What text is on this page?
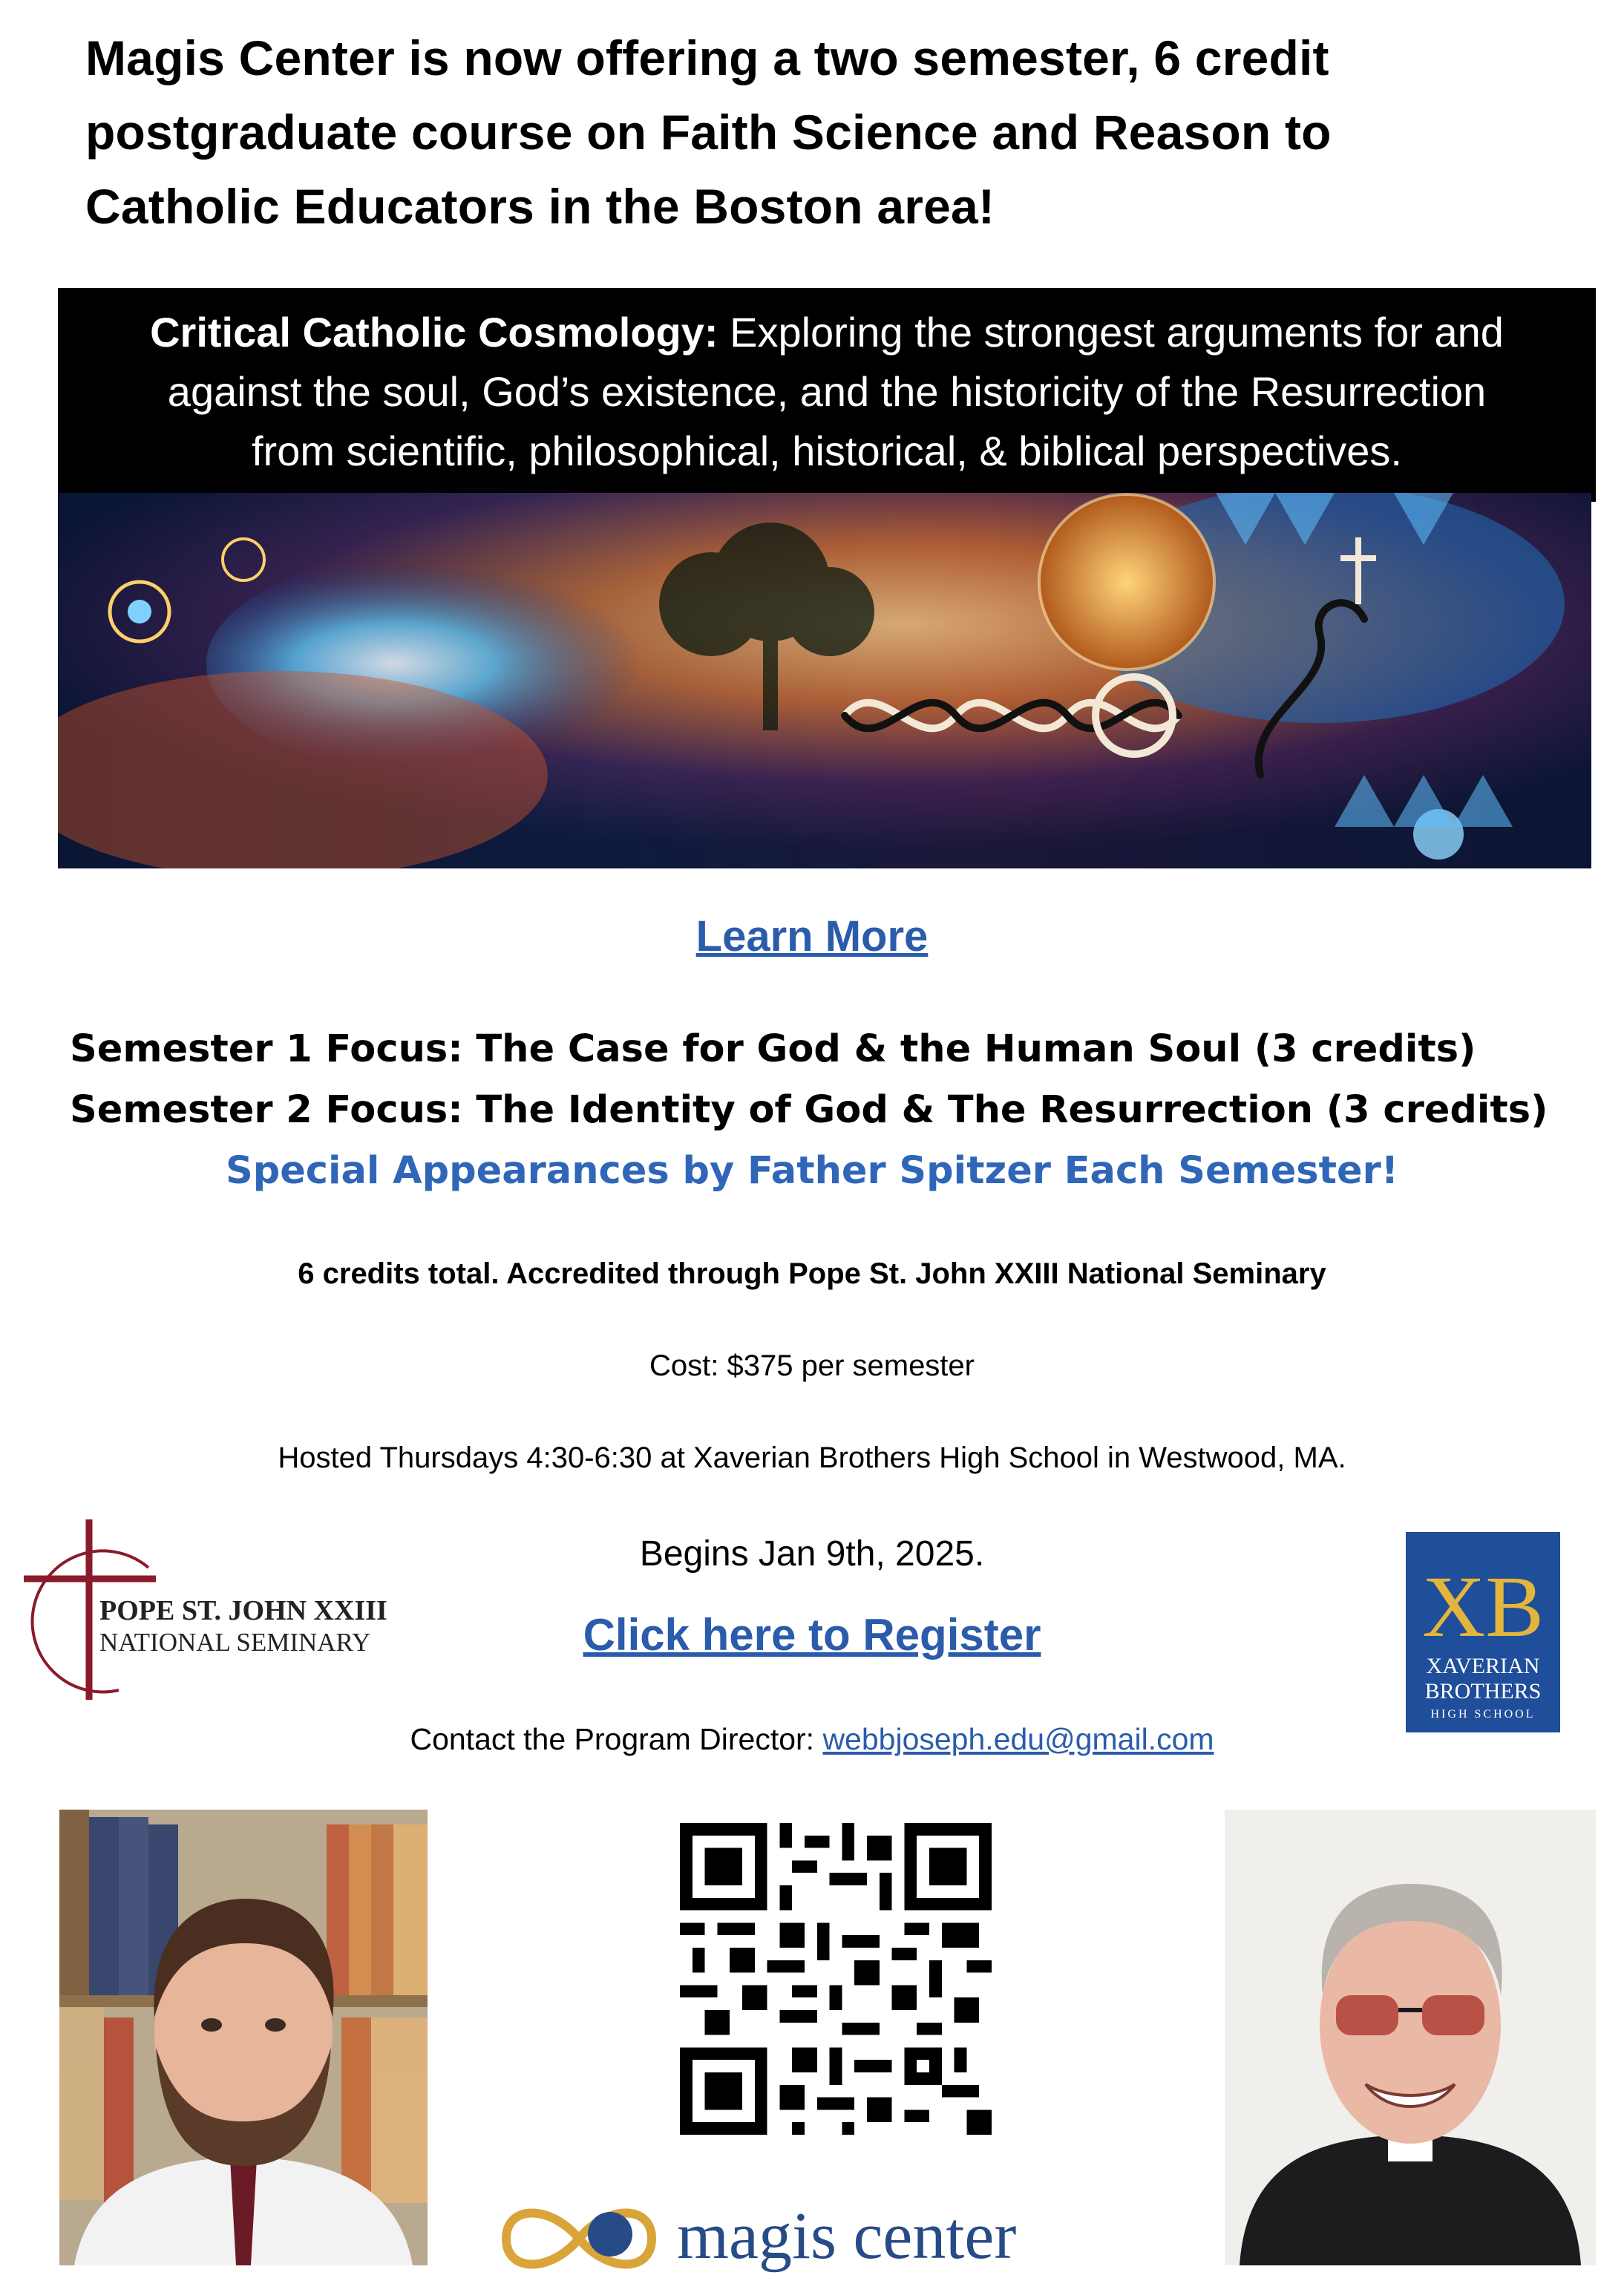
Magis Center is now offering a two semester, 6 credit
postgraduate course on Faith Science and Reason to
Catholic Educators in the Boston area!
Critical Catholic Cosmology: Exploring the strongest arguments for and
against the soul, God’s existence, and the historicity of the Resurrection
from scientific, philosophical, historical, & biblical perspectives.
Learn More
Semester 1 Focus: The Case for God & the Human Soul (3 credits)
Semester 2 Focus: The Identity of God & The Resurrection (3 credits)
Special Appearances by Father Spitzer Each Semester!
6 credits total. Accredited through Pope St. John XXIII National Seminary
Cost: $375 per semester
Hosted Thursdays 4:30-6:30 at Xaverian Brothers High School in Westwood, MA.
Begins Jan 9th, 2025.
Click here to Register
Contact the Program Director: webbjoseph.edu@gmail.com
POPE ST. JOHN XXIII
NATIONAL SEMINARY	XB
XAVERIAN
BROTHERS
HIGH SCHOOL
magis center
